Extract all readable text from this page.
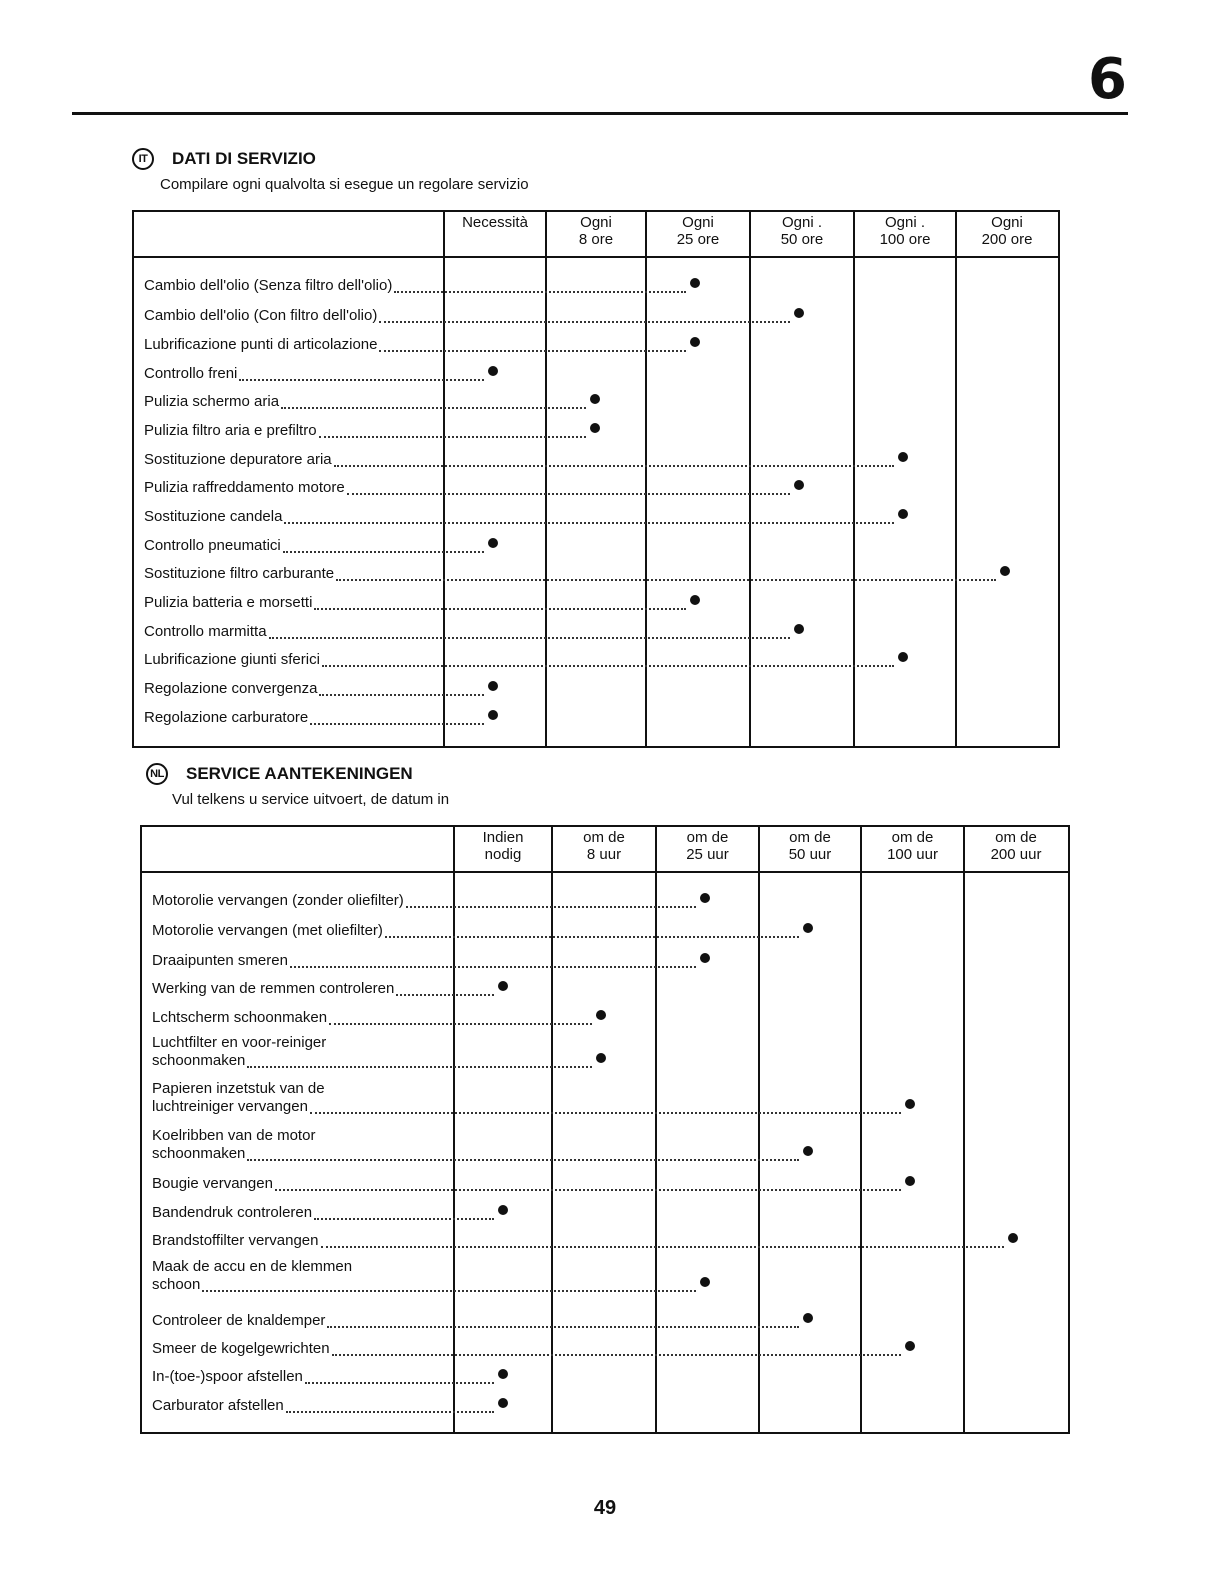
6
IT	DATI DI SERVIZIO
Compilare ogni qualvolta si esegue un regolare servizio
Necessità	Ogni
8 ore
Ogni
25 ore
Ogni .
50 ore
Ogni .
100 ore
Ogni
200 ore
Cambio dell'olio (Senza filtro dell'olio)
Cambio dell'olio (Con filtro dell'olio)
Lubrificazione punti di articolazione
Controllo freni
Pulizia schermo aria
Pulizia filtro aria e prefiltro
Sostituzione depuratore aria
Pulizia raffreddamento motore
Sostituzione candela
Controllo pneumatici
Sostituzione filtro carburante
Pulizia batteria e morsetti
Controllo marmitta
Lubrificazione giunti sferici
Regolazione convergenza
Regolazione carburatore
NL SERVICE AANTEKENINGEN
Vul telkens u service uitvoert, de datum in
Indien
nodig
om de
8 uur
om de
25 uur
om de
50 uur
om de
100 uur
om de
200 uur
Motorolie vervangen (zonder oliefilter)
Motorolie vervangen (met oliefilter)
Draaipunten smeren
Werking van de remmen controleren
Lchtscherm schoonmaken
Luchtfilter en voor-reiniger
schoonmaken
Papieren inzetstuk van de
luchtreiniger vervangen
Koelribben van de motor
schoonmaken
Bougie vervangen
Bandendruk controleren
Brandstoffilter vervangen
Maak de accu en de klemmen
schoon
Controleer de knaldemper
Smeer de kogelgewrichten
In-(toe-)spoor afstellen
Carburator afstellen
49
